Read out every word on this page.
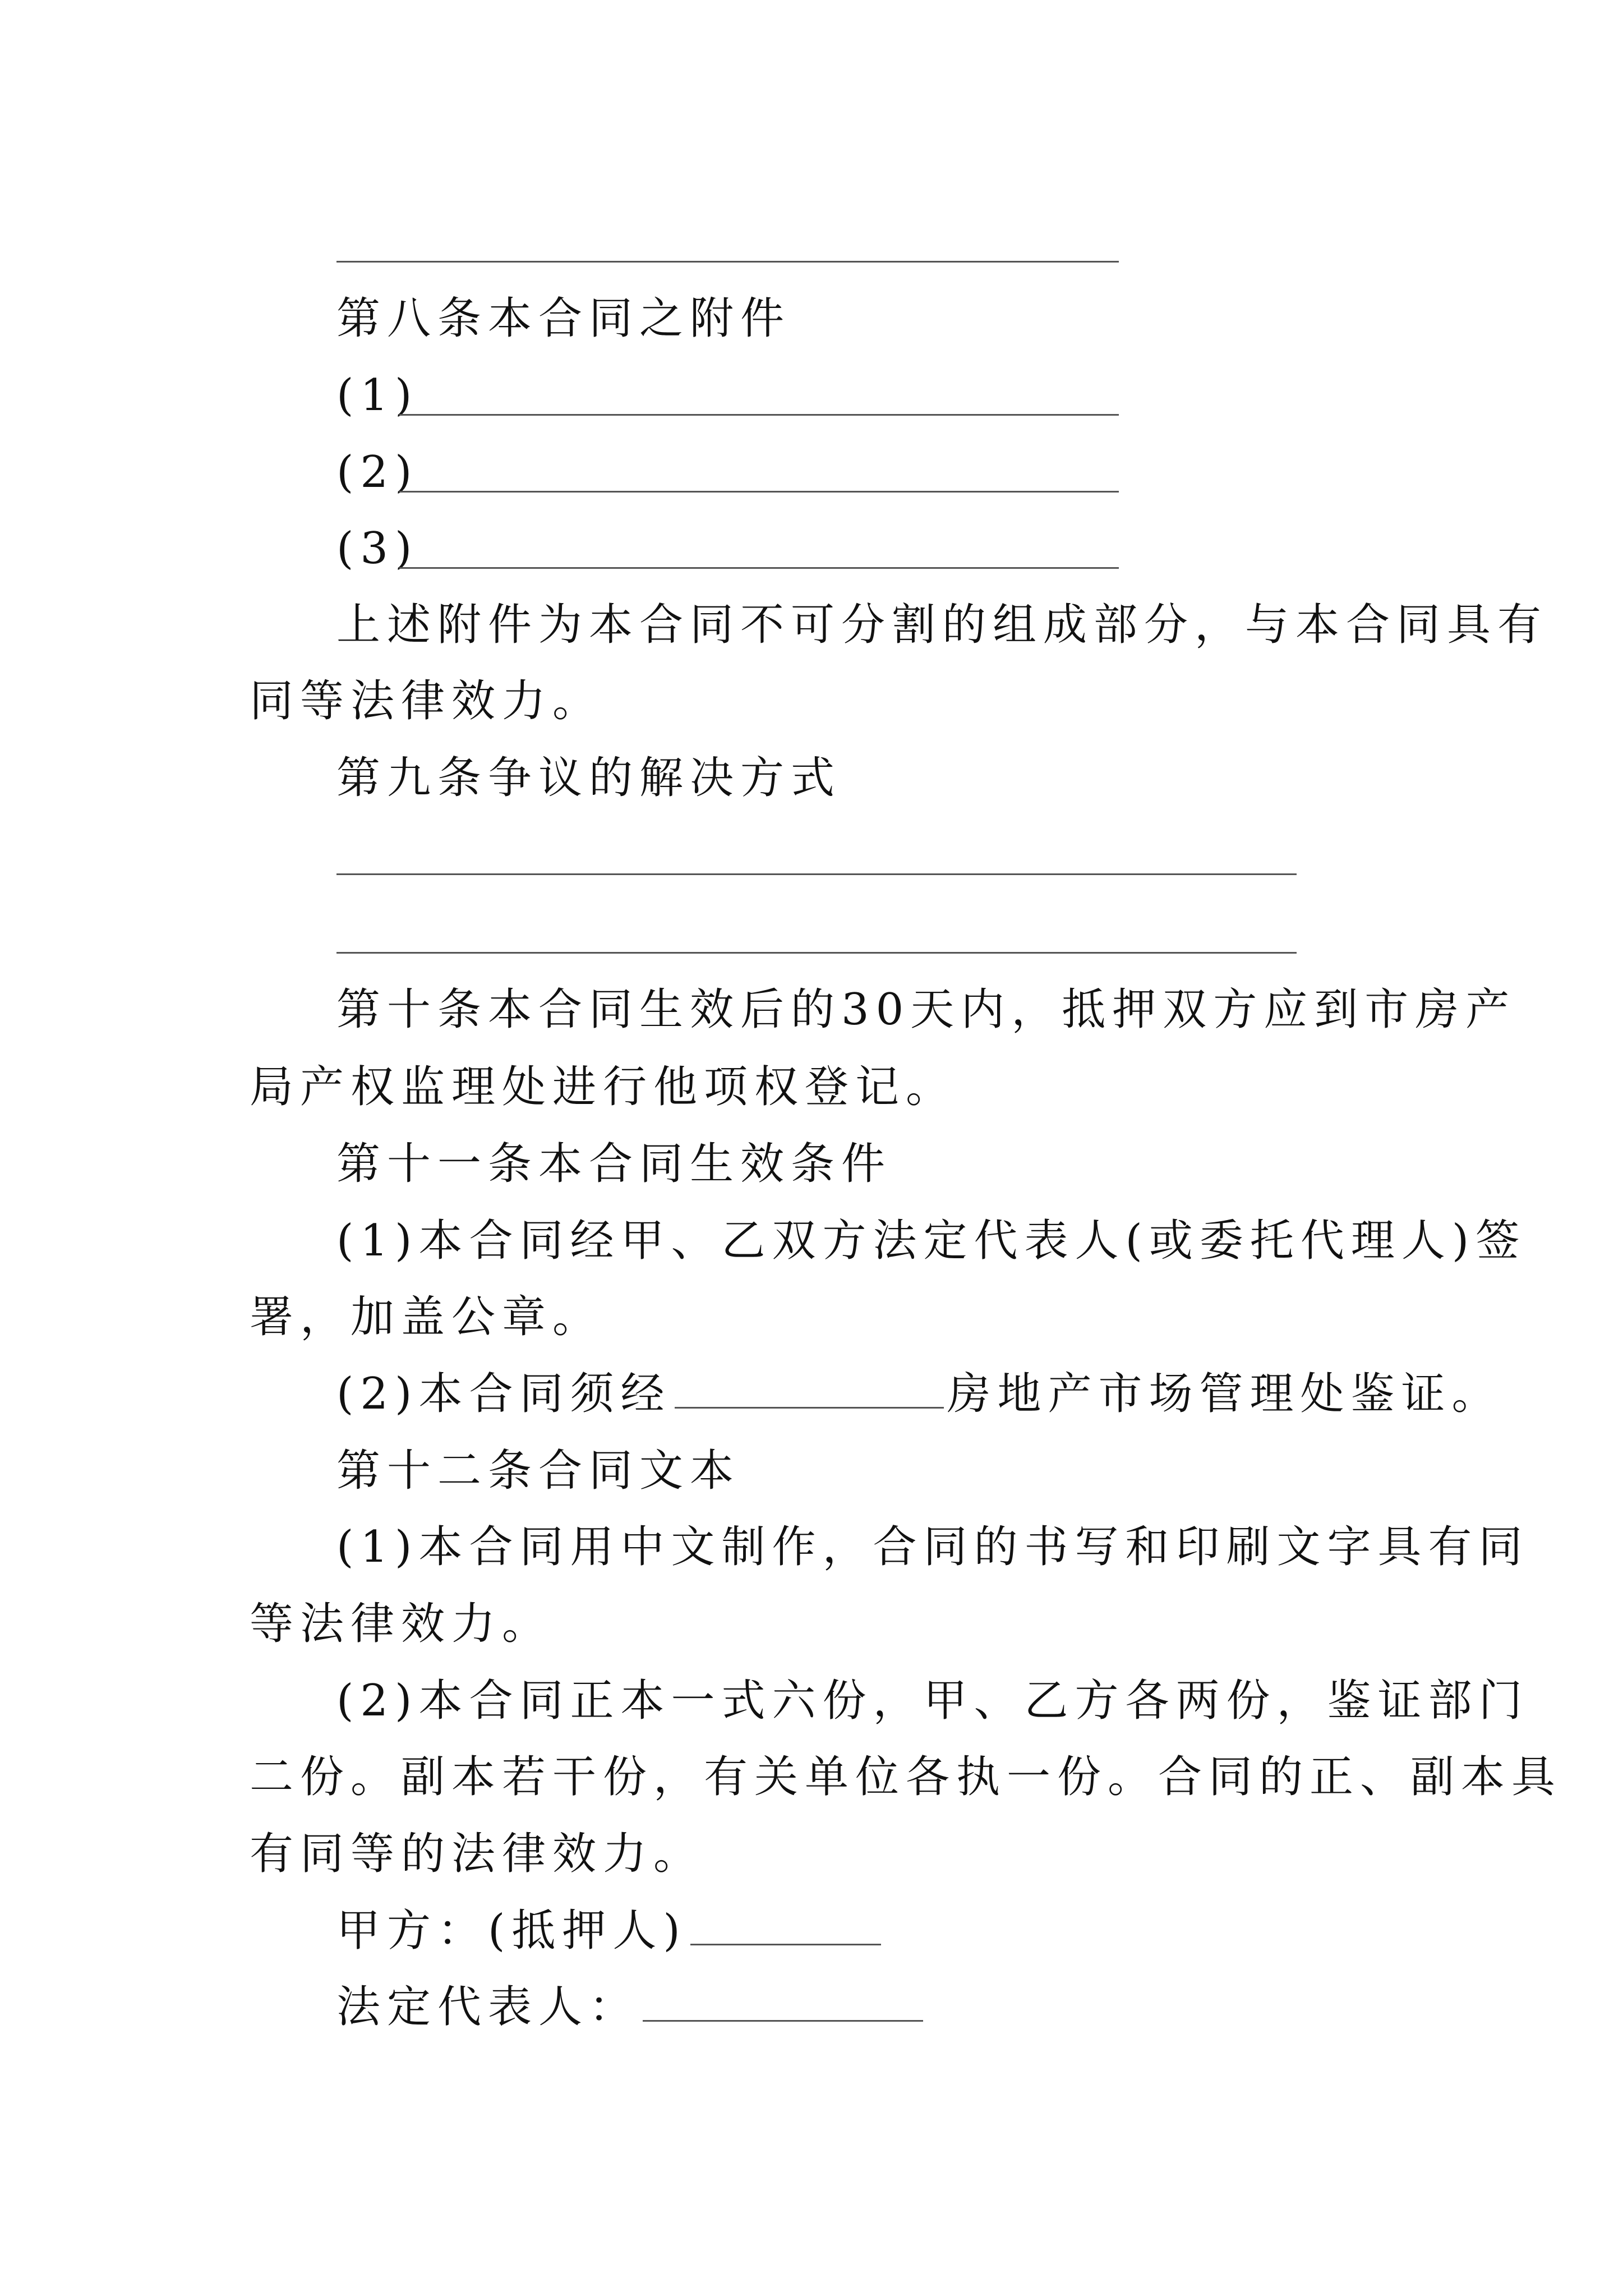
第八条本合同之附件
(1)
(2)
(3)
上述附件为本合同不可分割的组成部分，与本合同具有
同等法律效力。
第九条争议的解决方式
第十条本合同生效后的30天内，抵押双方应到市房产
局产权监理处进行他项权登记。
第十一条本合同生效条件
(1)本合同经甲、乙双方法定代表人(或委托代理人)签
署，加盖公章。
(2)本合同须经	房地产市场管理处鉴证。
第十二条合同文本
(1)本合同用中文制作，合同的书写和印刷文字具有同
等法律效力。
(2)本合同正本一式六份，甲、乙方各两份，鉴证部门
二份。副本若干份，有关单位各执一份。合同的正、副本具
有同等的法律效力。
甲方：(抵押人)
法定代表人：
